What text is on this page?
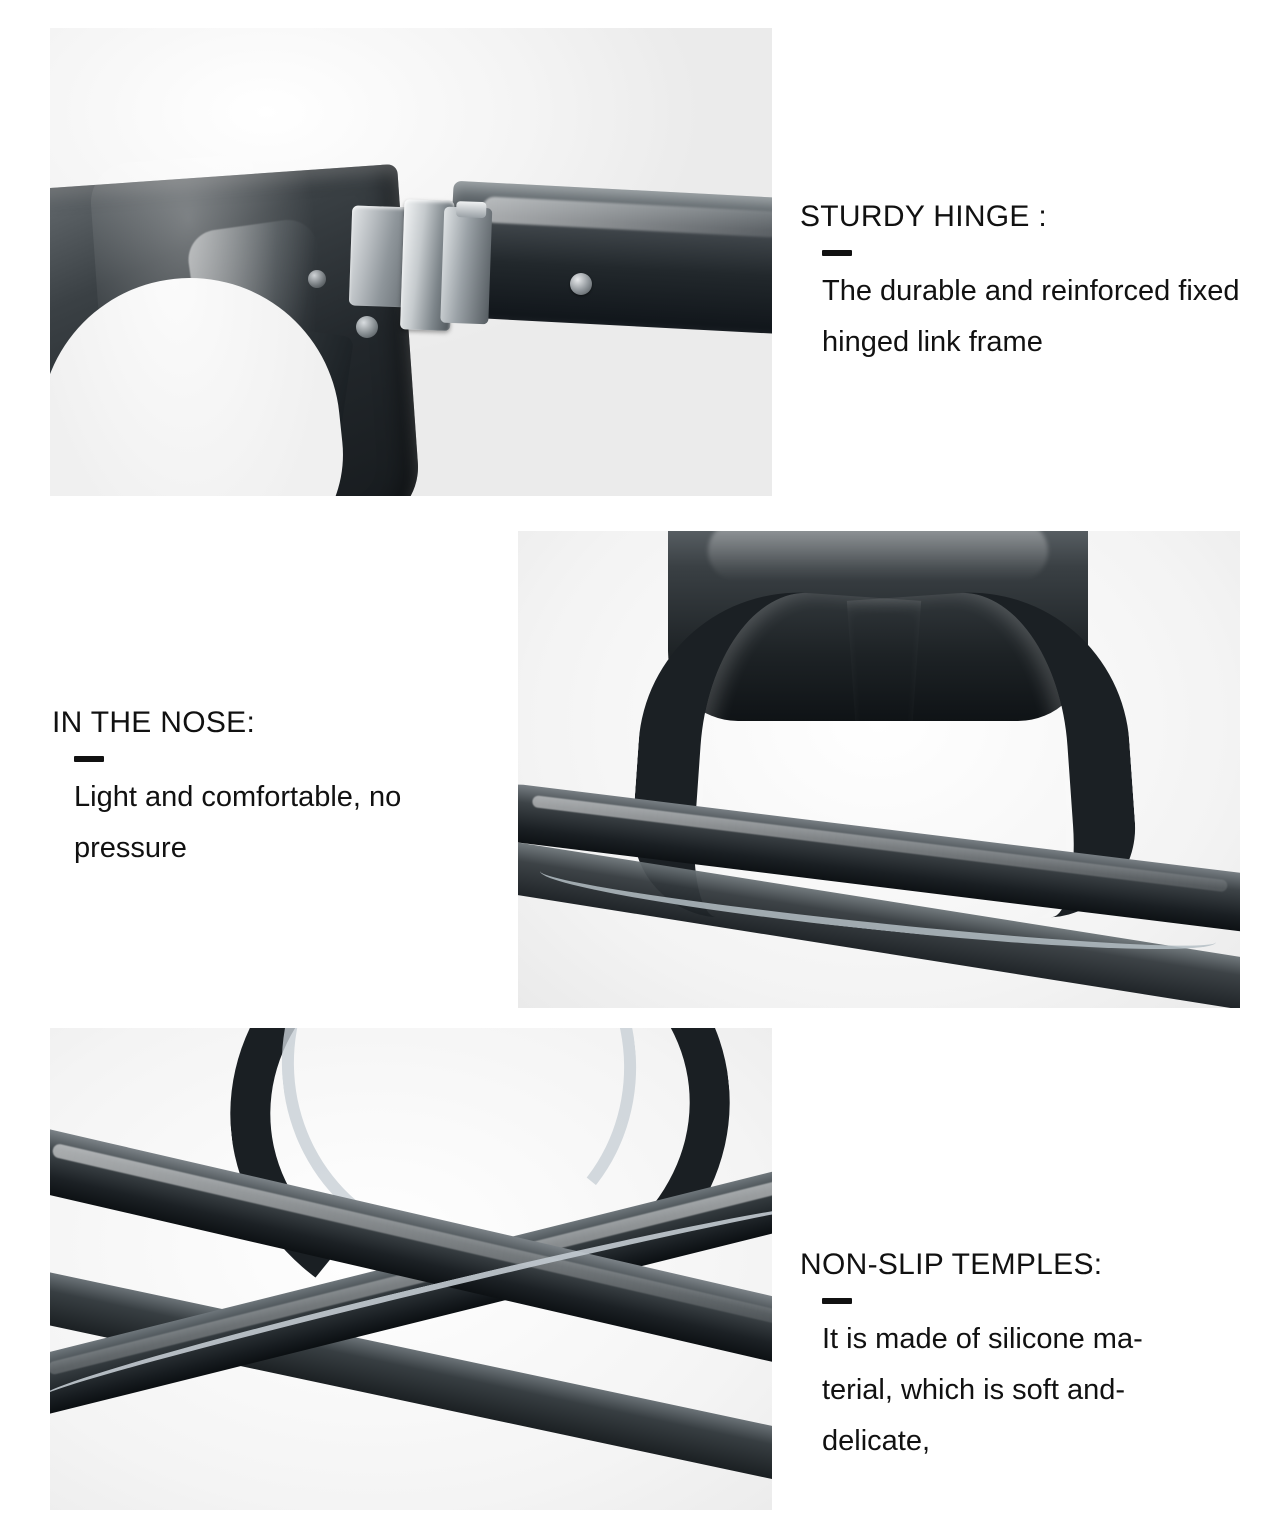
STURDY HINGE :
The durable and reinforced fixed hinged link frame
IN THE NOSE:
Light and comfortable, no pressure
NON-SLIP TEMPLES:
It is made of silicone ma-
terial, which is soft and-
delicate,
